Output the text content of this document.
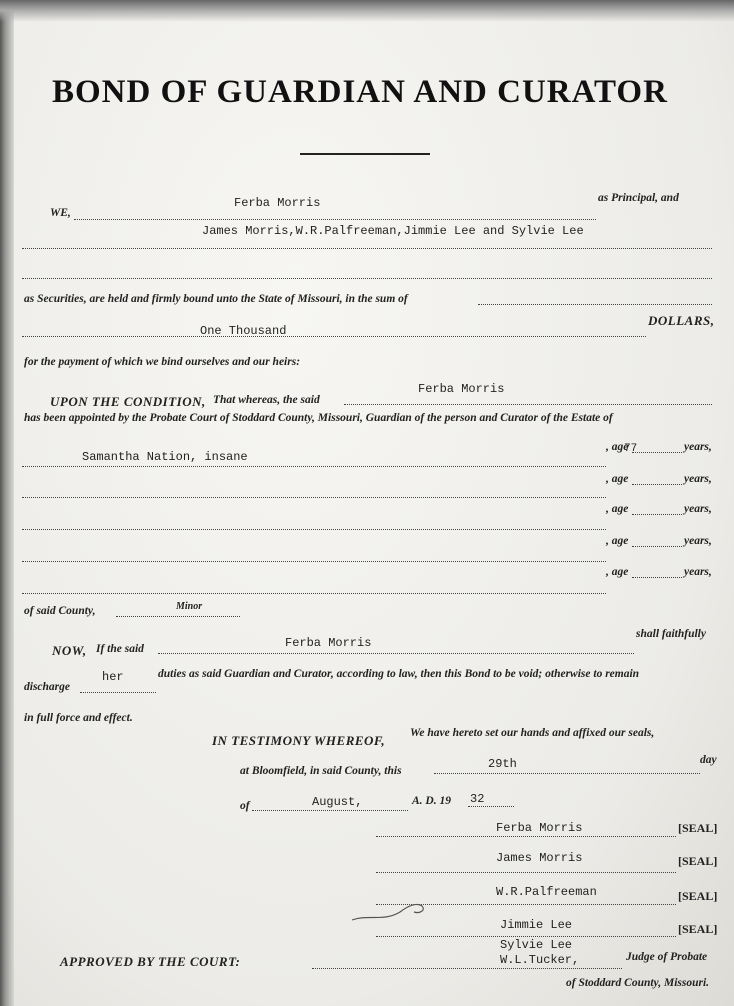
BOND OF GUARDIAN AND CURATOR
WE,
Ferba Morris	as Principal, and
James Morris,W.R.Palfreeman,Jimmie Lee and Sylvie Lee
as Securities, are held and firmly bound unto the State of Missouri, in the sum of
One Thousand
DOLLARS,
for the payment of which we bind ourselves and our heirs:
UPON THE CONDITION, That whereas, the said
Ferba Morris
has been appointed by the Probate Court of Stoddard County, Missouri, Guardian of the person and Curator of the Estate of
Samantha Nation, insane
77
, age	years,
, age	years,
, age	years,
, age	years,
, age	years,
of said County,	Minor
NOW, If the said	Ferba Morris
shall faithfully
discharge
her	duties as said Guardian and Curator, according to law, then this Bond to be void; otherwise to remain
in full force and effect.
IN TESTIMONY WHEREOF, We have hereto set our hands and affixed our seals,
at Bloomfield, in said County, this	29th	day
of	August,	A. D. 19 32
Ferba Morris	[SEAL]
James Morris	[SEAL]
W.R.Palfreeman	[SEAL]
Jimmie Lee	[SEAL]
Sylvie Lee
APPROVED BY THE COURT:	W.L.Tucker,	Judge of Probate
of Stoddard County, Missouri.
